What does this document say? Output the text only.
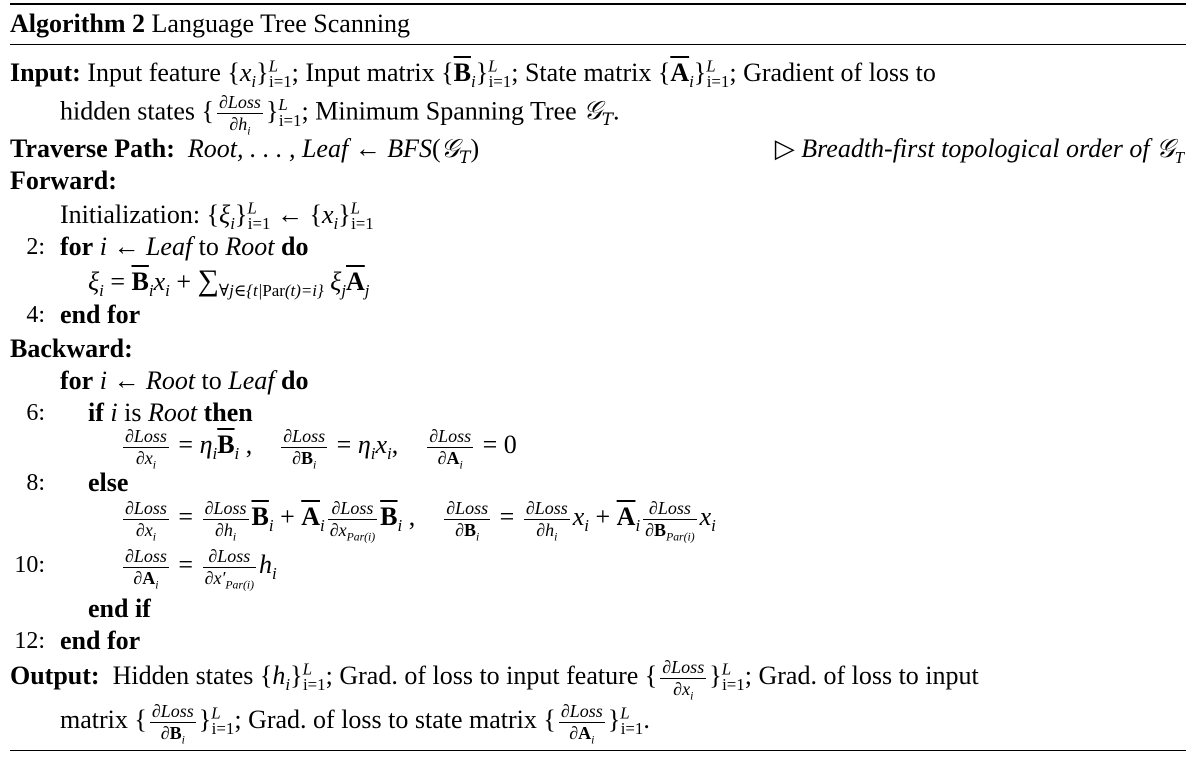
Algorithm 2 Language Tree Scanning
Input: Input feature $\{x_i\}^L_{i=1}$; Input matrix $\{\overline{B}_i\}^L_{i=1}$; State matrix $\{\overline{A}_i\}^L_{i=1}$; Gradient of loss to
hidden states { $\frac{\text{∂Loss}}{\partial h_i} \}^L_{i=1}$; Minimum Spanning Tree 𝒢$_T$.
Traverse Path: Root, . . . , Leaf ← BFS(𝒢$_T$)	▷ Breadth-first topological order of 𝒢$_T$
Forward:
Initialization: $\{\xi_i\}^L_{i=1}$ ← $\{x_i\}^L_{i=1}$
2: for i ← Leaf to Root do
$\xi_i = \overline{B}_ix_i + \sum_{\forall j\in\{t|Par(t)=i\}}$ $\xi_j\overline{A}_j$
4: end for
Backward:
for i ← Root to Leaf do
6: if i is Root then
$\frac{\text{∂Loss}}{\partial x_i} = \eta_i\overline{B}_i$ , $\frac{\text{∂Loss}}{\partial\overline{B}_i} = \eta_ix_i$, $\frac{\text{∂Loss}}{\partial\overline{A}_i} = 0$
8: else
$\frac{\text{∂Loss}}{\partial x_i} = \frac{\text{∂Loss}}{\partial h_i} \overline{B}_i + \overline{A}_i \frac{\text{∂Loss}}{\partial x_{Par(i)}} \overline{B}_i$ , $\frac{\text{∂Loss}}{\partial\overline{B}_i} = \frac{\text{∂Loss}}{\partial h_i} x_i + \overline{A}_i \frac{\text{∂Loss}}{\partial\overline{B}_{Par(i)}} x_i$
10:	$\frac{\text{∂Loss}}{\partial\overline{A}_i} = \frac{\text{∂Loss}}{\partial x'_{Par(i)}} h_i$
end if
12: end for
Output:  Hidden states $\{h_i\}^L_{i=1}$; Grad. of loss to input feature { $\frac{\text{∂Loss}}{\partial x_i} \}^L_{i=1}$; Grad. of loss to input
matrix { $\frac{\text{∂Loss}}{\partial\overline{B}_i} \}^L_{i=1}$; Grad. of loss to state matrix { $\frac{\text{∂Loss}}{\partial\overline{A}_i} \}^L_{i=1}$.
